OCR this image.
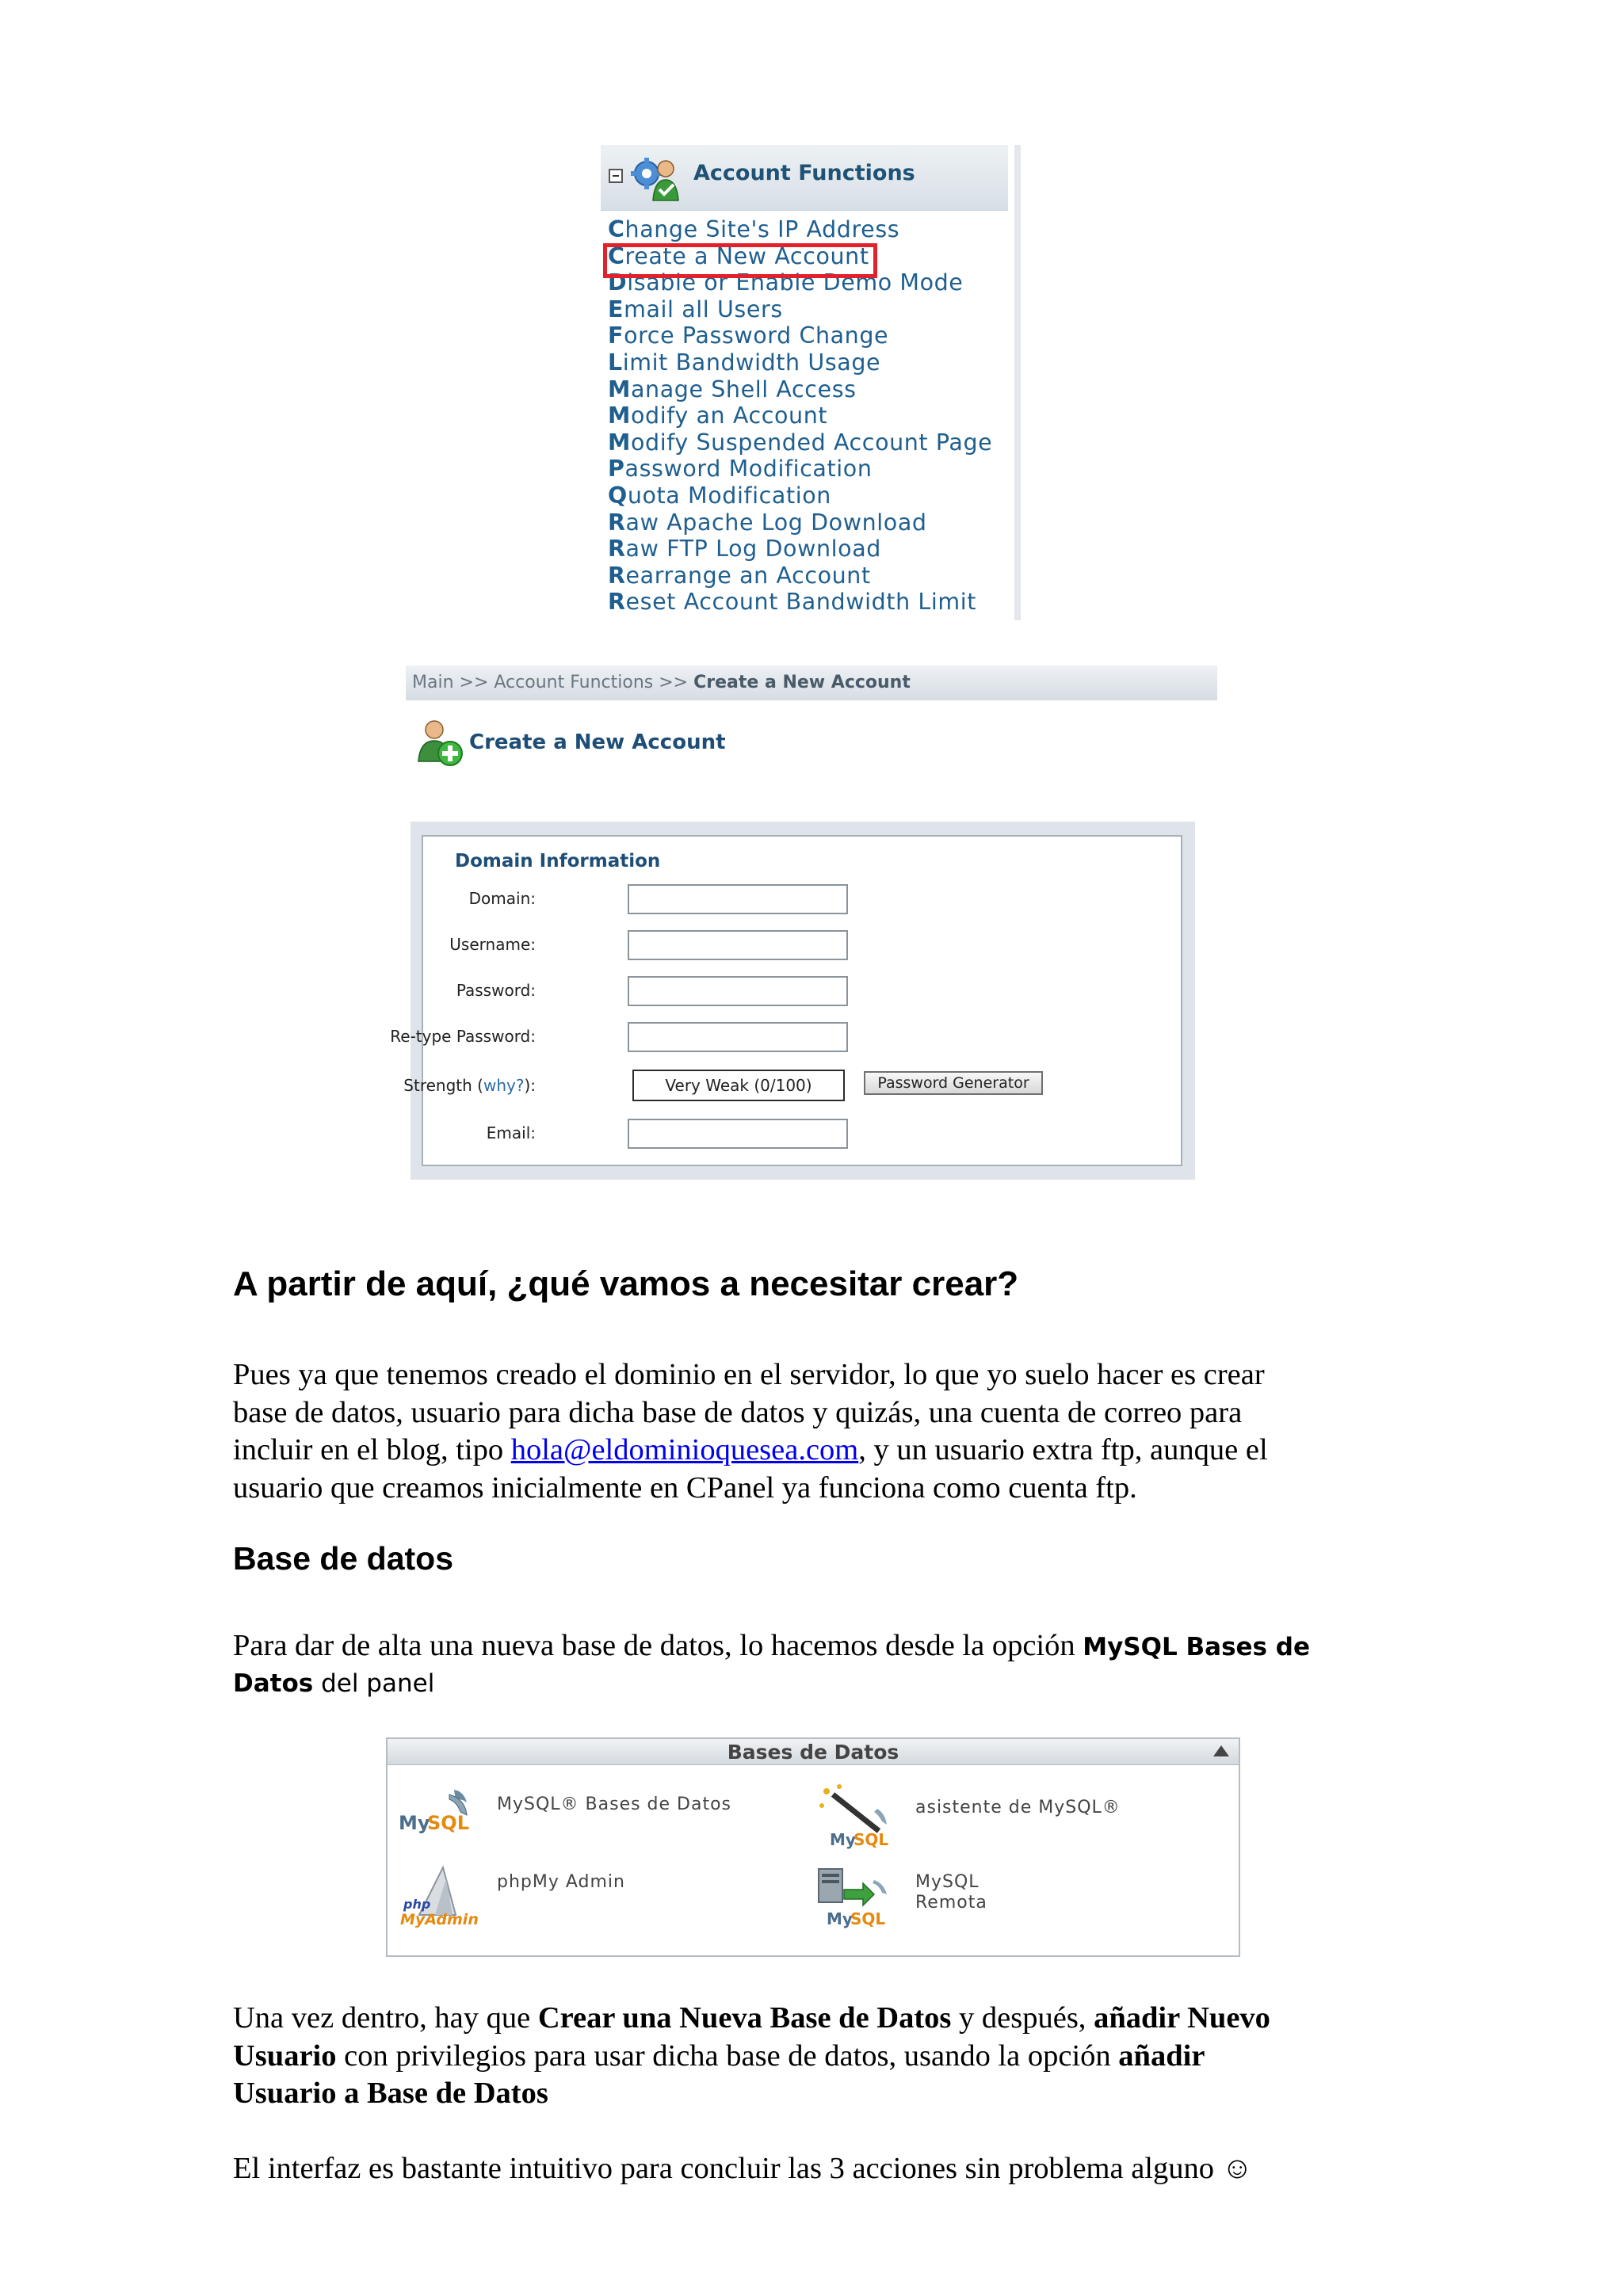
Account Functions
Change Site's IP Address
Create a New Account
Disable or Enable Demo Mode
Email all Users
Force Password Change
Limit Bandwidth Usage
Manage Shell Access
Modify an Account
Modify Suspended Account Page
Password Modification
Quota Modification
Raw Apache Log Download
Raw FTP Log Download
Rearrange an Account
Reset Account Bandwidth Limit
Main >> Account Functions >> Create a New Account
Create a New Account
Domain Information
Domain:
Username:
Password:
Re-type Password:
Strength (why?):	Very Weak (0/100)	Password Generator
Email:
A partir de aquí, ¿qué vamos a necesitar crear?

Pues ya que tenemos creado el dominio en el servidor, lo que yo suelo hacer es crear

base de datos, usuario para dicha base de datos y quizás, una cuenta de correo para

incluir en el blog, tipo hola@eldominioquesea.com, y un usuario extra ftp, aunque el

usuario que creamos inicialmente en CPanel ya funciona como cuenta ftp.

Base de datos

Para dar de alta una nueva base de datos, lo hacemos desde la opción MySQL Bases de

Datos del panel

Bases de Datos
My
SQL
MySQL® Bases de Datos
My
SQL
asistente de MySQL®
php
MyAdmin
phpMy Admin
My
SQL
MySQL
Remota

Una vez dentro, hay que Crear una Nueva Base de Datos y después, añadir Nuevo

Usuario con privilegios para usar dicha base de datos, usando la opción añadir

Usuario a Base de Datos

El interfaz es bastante intuitivo para concluir las 3 acciones sin problema alguno ☺
